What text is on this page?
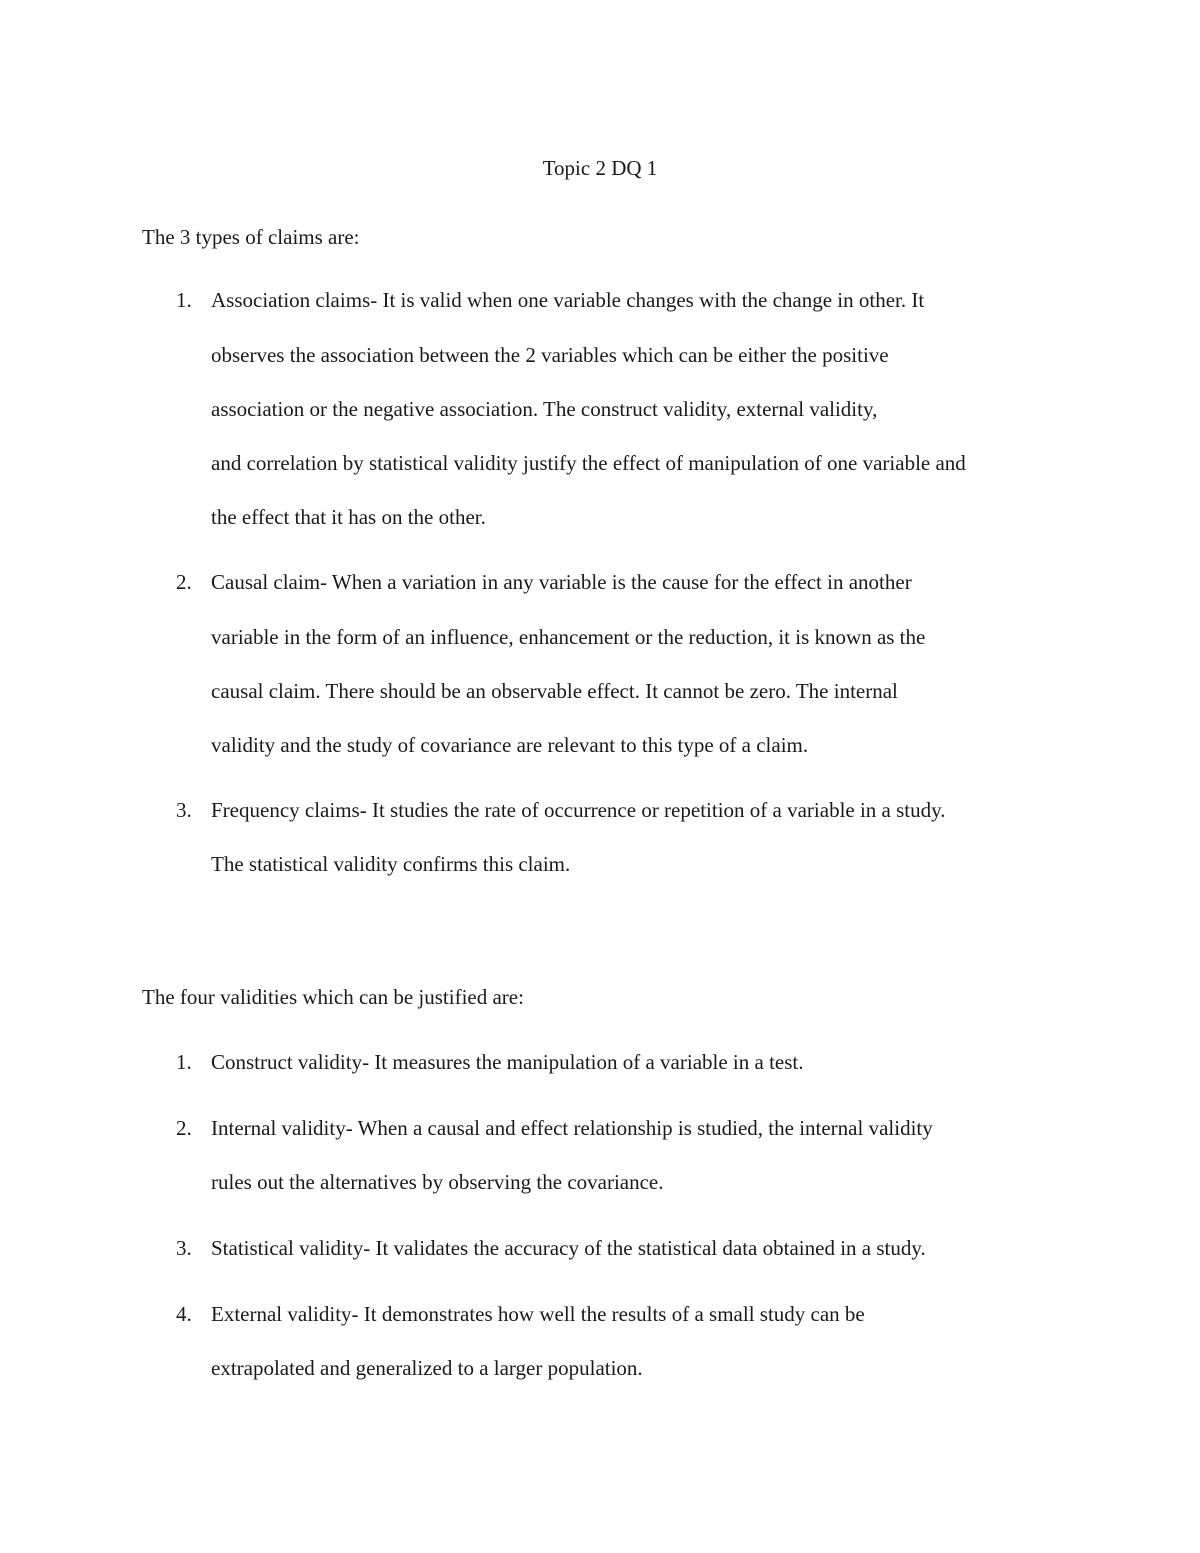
Topic 2 DQ 1
The 3 types of claims are:
1. Association claims- It is valid when one variable changes with the change in other. It
observes the association between the 2 variables which can be either the positive
association or the negative association. The construct validity, external validity,
and correlation by statistical validity justify the effect of manipulation of one variable and
the effect that it has on the other.
2. Causal claim- When a variation in any variable is the cause for the effect in another
variable in the form of an influence, enhancement or the reduction, it is known as the
causal claim. There should be an observable effect. It cannot be zero. The internal
validity and the study of covariance are relevant to this type of a claim.
3. Frequency claims- It studies the rate of occurrence or repetition of a variable in a study.
The statistical validity confirms this claim.
The four validities which can be justified are:
1. Construct validity- It measures the manipulation of a variable in a test.
2. Internal validity- When a causal and effect relationship is studied, the internal validity
rules out the alternatives by observing the covariance.
3. Statistical validity- It validates the accuracy of the statistical data obtained in a study.
4. External validity- It demonstrates how well the results of a small study can be
extrapolated and generalized to a larger population.
